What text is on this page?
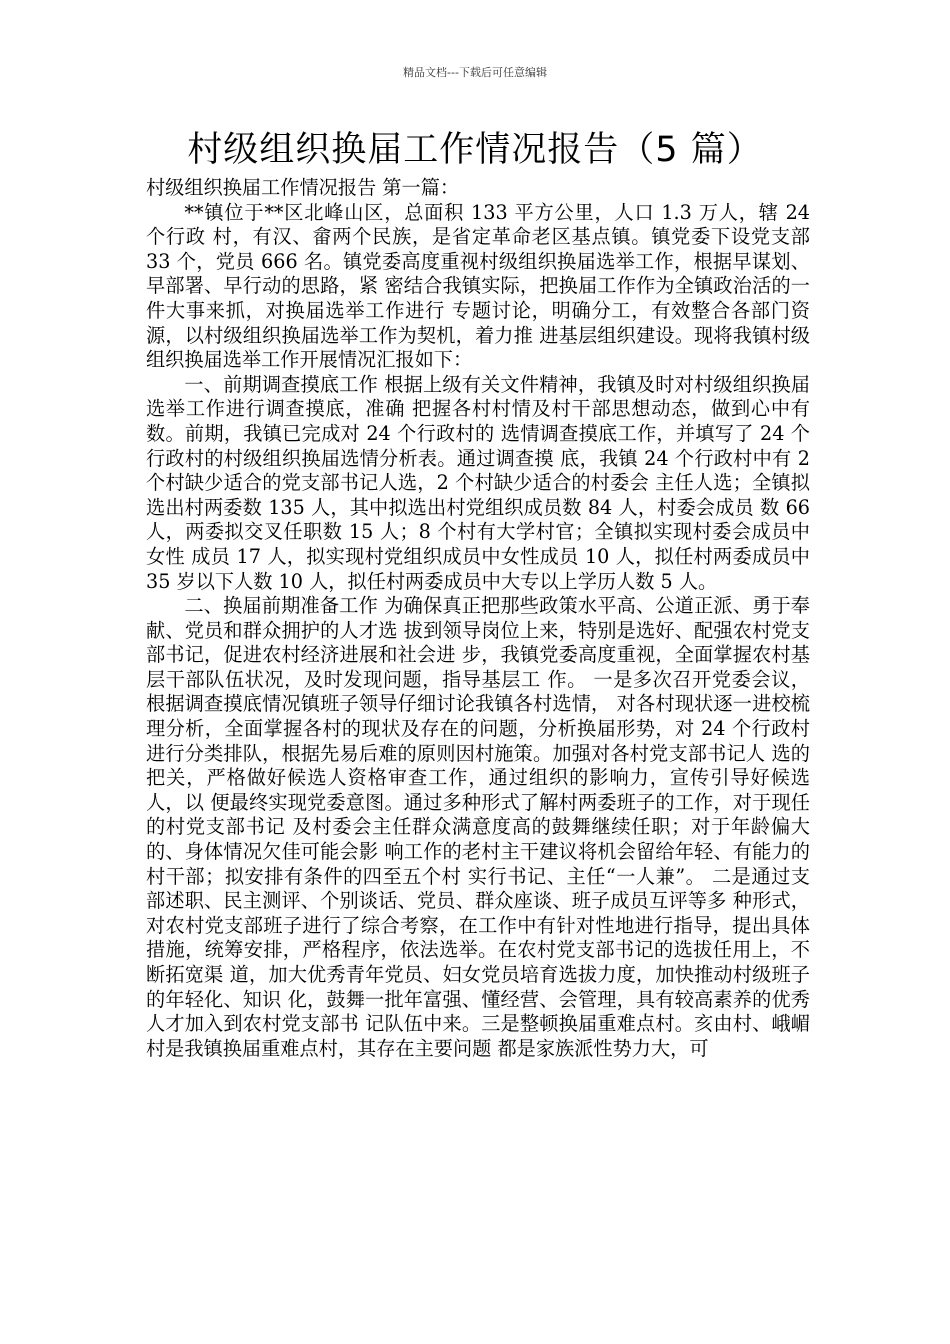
精品文档---下载后可任意编辑
村级组织换届工作情况报告（5 篇）

村级组织换届工作情况报告 第一篇：

**镇位于**区北峰山区，总面积 133 平方公里，人口 1.3 万人，辖 24 个行政 村，有汉、畲两个民族，是省定革命老区基点镇。镇党委下设党支部 33 个，党员 666 名。镇党委高度重视村级组织换届选举工作，根据早谋划、早部署、早行动的思路，紧 密结合我镇实际，把换届工作作为全镇政治活的一件大事来抓，对换届选举工作进行 专题讨论，明确分工，有效整合各部门资源，以村级组织换届选举工作为契机，着力推 进基层组织建设。现将我镇村级组织换届选举工作开展情况汇报如下：

一、前期调查摸底工作 根据上级有关文件精神，我镇及时对村级组织换届选举工作进行调查摸底，准确 把握各村村情及村干部思想动态，做到心中有数。前期，我镇已完成对 24 个行政村的 选情调查摸底工作，并填写了 24 个行政村的村级组织换届选情分析表。通过调查摸 底，我镇 24 个行政村中有 2 个村缺少适合的党支部书记人选，2 个村缺少适合的村委会 主任人选；全镇拟选出村两委数 135 人，其中拟选出村党组织成员数 84 人，村委会成员 数 66 人，两委拟交叉任职数 15 人；8 个村有大学村官；全镇拟实现村委会成员中女性 成员 17 人，拟实现村党组织成员中女性成员 10 人，拟任村两委成员中 35 岁以下人数 10 人，拟任村两委成员中大专以上学历人数 5 人。

二、换届前期准备工作 为确保真正把那些政策水平高、公道正派、勇于奉献、党员和群众拥护的人才选 拔到领导岗位上来，特别是选好、配强农村党支部书记，促进农村经济进展和社会进 步，我镇党委高度重视，全面掌握农村基层干部队伍状况，及时发现问题，指导基层工 作。 一是多次召开党委会议，根据调查摸底情况镇班子领导仔细讨论我镇各村选情， 对各村现状逐一进校梳理分析，全面掌握各村的现状及存在的问题，分析换届形势，对 24 个行政村进行分类排队，根据先易后难的原则因村施策。加强对各村党支部书记人 选的把关，严格做好候选人资格审查工作，通过组织的影响力，宣传引导好候选人，以 便最终实现党委意图。通过多种形式了解村两委班子的工作，对于现任的村党支部书记 及村委会主任群众满意度高的鼓舞继续任职；对于年龄偏大的、身体情况欠佳可能会影 响工作的老村主干建议将机会留给年轻、有能力的村干部；拟安排有条件的四至五个村 实行书记、主任“一人兼”。 二是通过支部述职、民主测评、个别谈话、党员、群众座谈、班子成员互评等多 种形式，对农村党支部班子进行了综合考察，在工作中有针对性地进行指导，提出具体 措施，统筹安排，严格程序，依法选举。在农村党支部书记的选拔任用上，不断拓宽渠 道，加大优秀青年党员、妇女党员培育选拔力度，加快推动村级班子的年轻化、知识 化，鼓舞一批年富强、懂经营、会管理，具有较高素养的优秀人才加入到农村党支部书 记队伍中来。三是整顿换届重难点村。亥由村、峨嵋村是我镇换届重难点村，其存在主要问题 都是家族派性势力大，可
